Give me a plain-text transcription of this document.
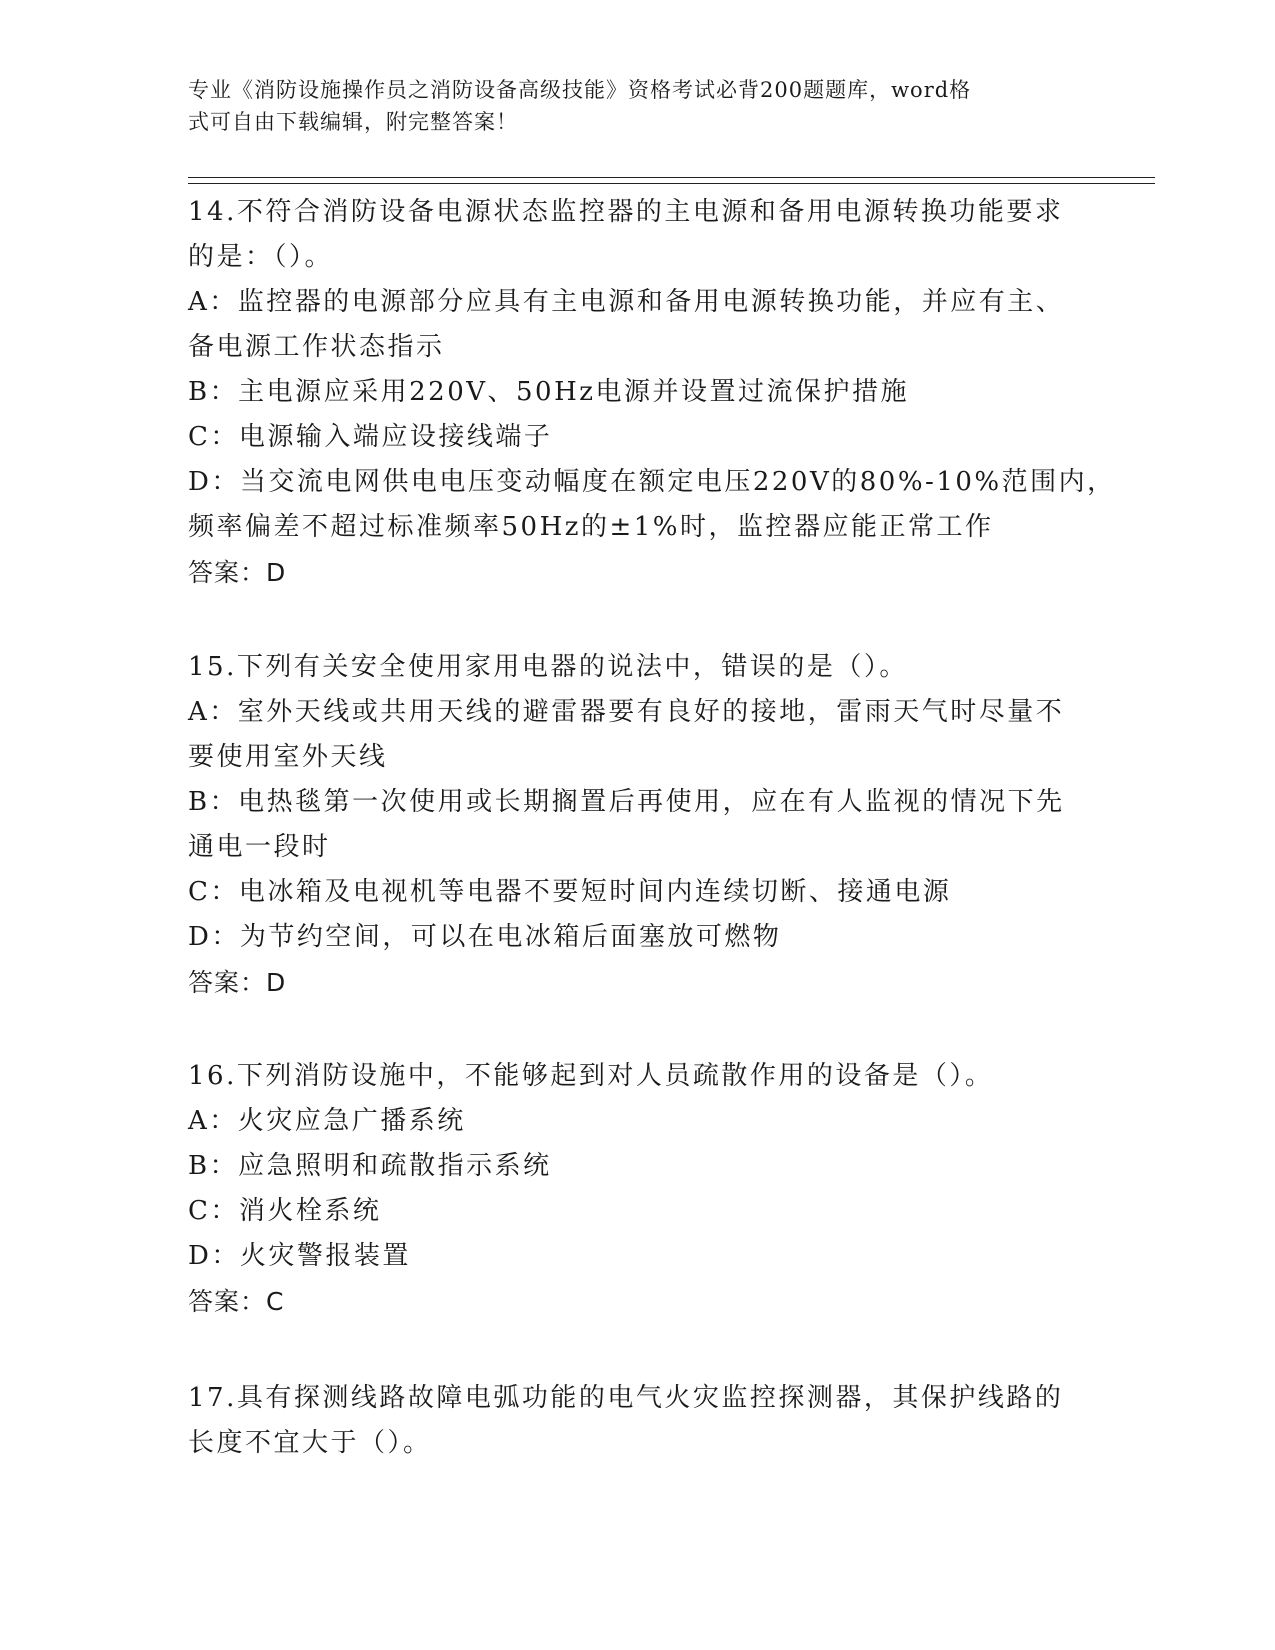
专业《消防设施操作员之消防设备高级技能》资格考试必背200题题库，word格
式可自由下载编辑，附完整答案！
14.不符合消防设备电源状态监控器的主电源和备用电源转换功能要求
的是：（）。
A：监控器的电源部分应具有主电源和备用电源转换功能，并应有主、
备电源工作状态指示
B：主电源应采用220V、50Hz电源并设置过流保护措施
C：电源输入端应设接线端子
D：当交流电网供电电压变动幅度在额定电压220V的80%-10%范围内，
频率偏差不超过标准频率50Hz的±1%时，监控器应能正常工作
答案：D
15.下列有关安全使用家用电器的说法中，错误的是（）。
A：室外天线或共用天线的避雷器要有良好的接地，雷雨天气时尽量不
要使用室外天线
B：电热毯第一次使用或长期搁置后再使用，应在有人监视的情况下先
通电一段时
C：电冰箱及电视机等电器不要短时间内连续切断、接通电源
D：为节约空间，可以在电冰箱后面塞放可燃物
答案：D
16.下列消防设施中，不能够起到对人员疏散作用的设备是（）。
A：火灾应急广播系统
B：应急照明和疏散指示系统
C：消火栓系统
D：火灾警报装置
答案：C
17.具有探测线路故障电弧功能的电气火灾监控探测器，其保护线路的
长度不宜大于（）。
